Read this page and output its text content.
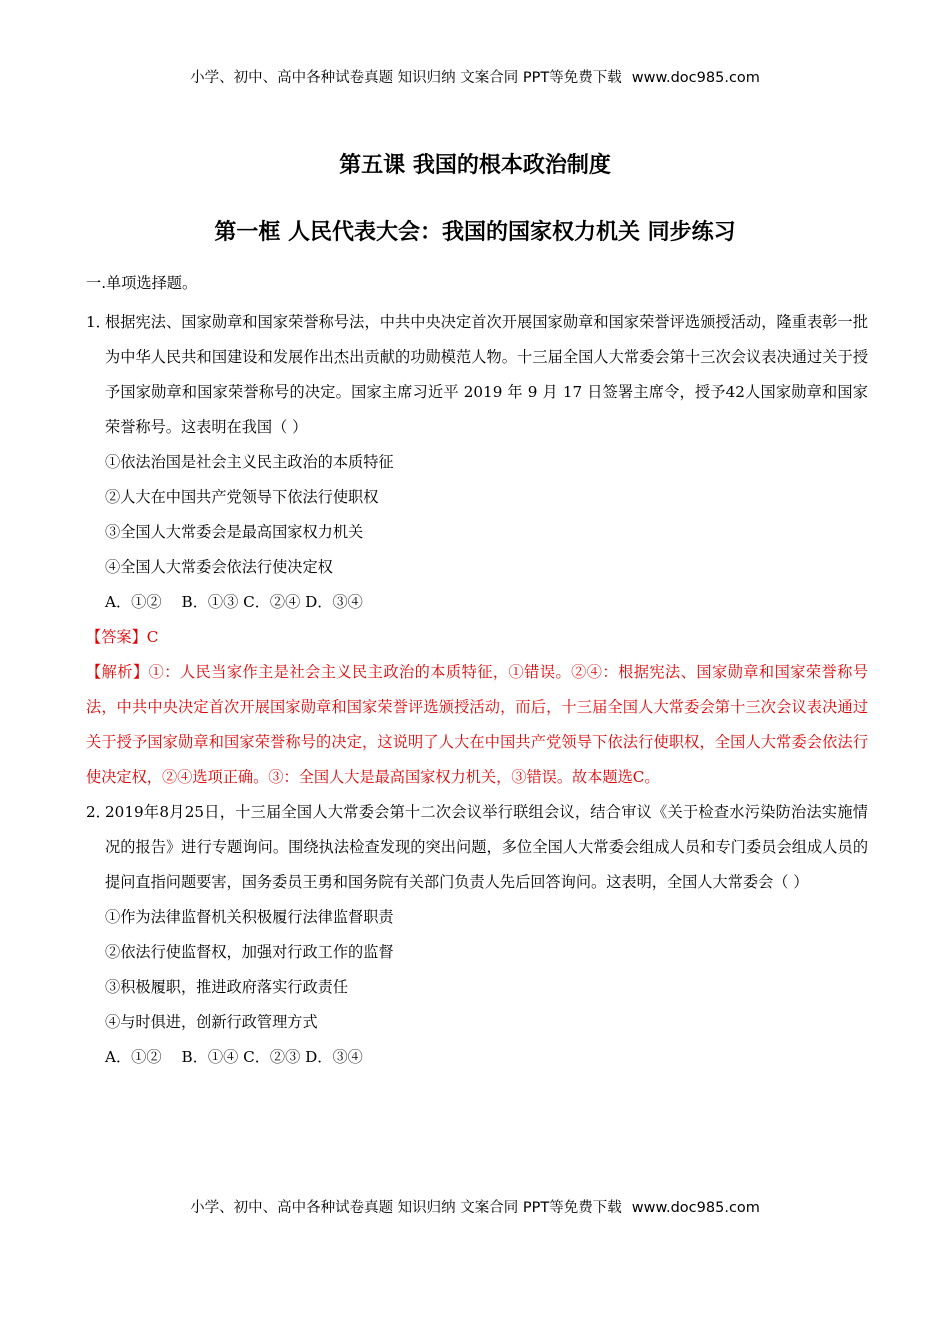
小学、初中、高中各种试卷真题 知识归纳 文案合同 PPT等免费下载 www.doc985.com
第五课 我国的根本政治制度
第一框 人民代表大会：我国的国家权力机关 同步练习

一.单项选择题。

1．
根据宪法、国家勋章和国家荣誉称号法，中共中央决定首次开展国家勋章和国家荣誉评选颁授活动，隆重表彰一批为中华人民共和国建设和发展作出杰出贡献的功勋模范人物。十三届全国人大常委会第十三次会议表决通过关于授予国家勋章和国家荣誉称号的决定。国家主席习近平 2019 年 9 月 17 日签署主席令，授予42人国家勋章和国家荣誉称号。这表明在我国（ ）

①依法治国是社会主义民主政治的本质特征

②人大在中国共产党领导下依法行使职权

③全国人大常委会是最高国家权力机关

④全国人大常委会依法行使决定权

A．①②　 B．①③ C．②④ D．③④

【答案】C

【解析】①：人民当家作主是社会主义民主政治的本质特征，①错误。②④：根据宪法、国家勋章和国家荣誉称号法，中共中央决定首次开展国家勋章和国家荣誉评选颁授活动，而后，十三届全国人大常委会第十三次会议表决通过关于授予国家勋章和国家荣誉称号的决定，这说明了人大在中国共产党领导下依法行使职权，全国人大常委会依法行使决定权，②④选项正确。③：全国人大是最高国家权力机关，③错误。故本题选C。

2．
2019年8月25日，十三届全国人大常委会第十二次会议举行联组会议，结合审议《关于检查水污染防治法实施情况的报告》进行专题询问。围绕执法检查发现的突出问题，多位全国人大常委会组成人员和专门委员会组成人员的提问直指问题要害，国务委员王勇和国务院有关部门负责人先后回答询问。这表明，全国人大常委会（ ）

①作为法律监督机关积极履行法律监督职责

②依法行使监督权，加强对行政工作的监督

③积极履职，推进政府落实行政责任

④与时俱进，创新行政管理方式

A．①②　 B．①④ C．②③ D．③④

小学、初中、高中各种试卷真题 知识归纳 文案合同 PPT等免费下载 www.doc985.com
